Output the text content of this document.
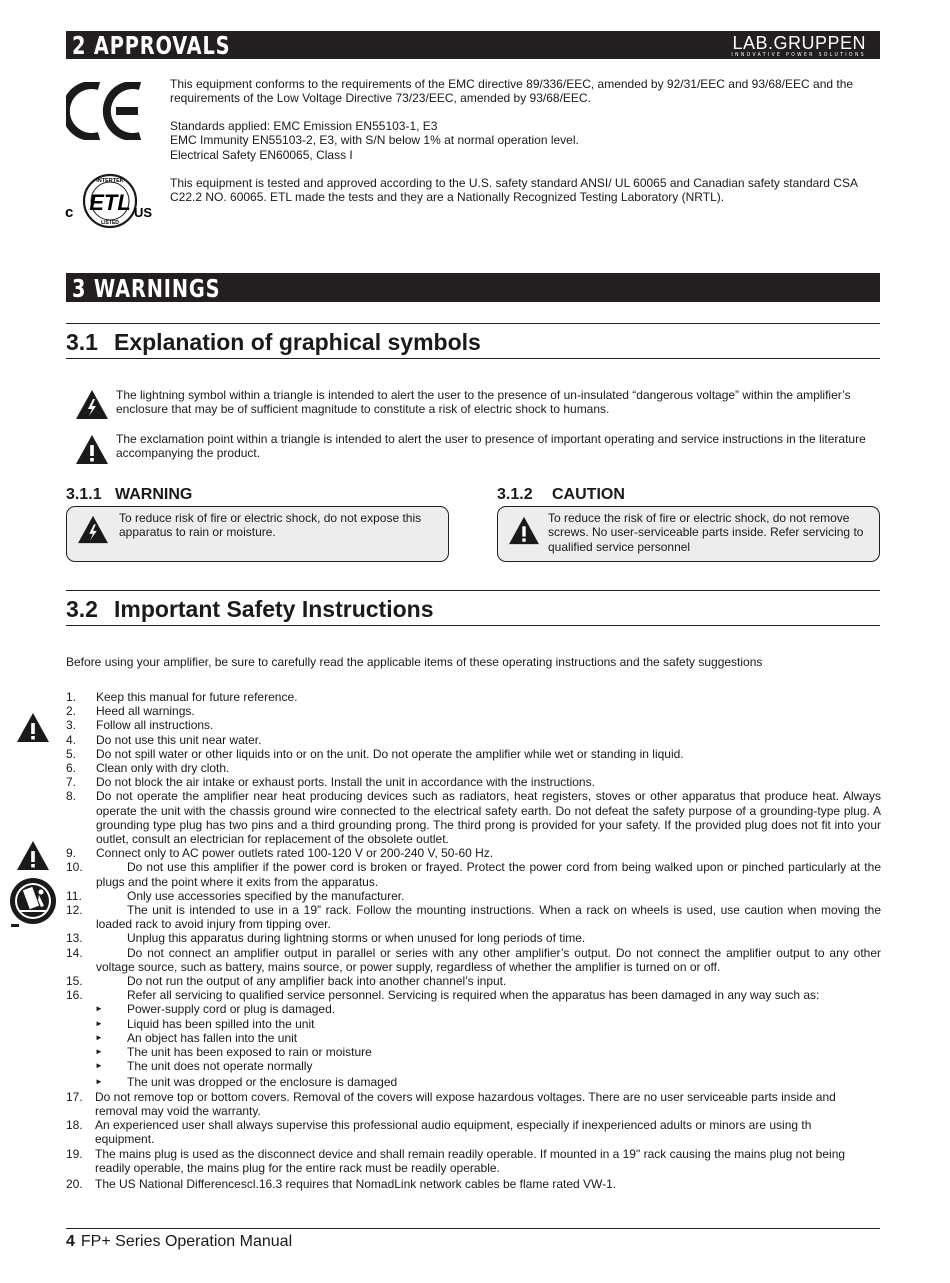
2 APPROVALS	LAB.GRUPPEN
INNOVATIVE POWER SOLUTIONS
This equipment conforms to the requirements of the EMC directive 89/336/EEC, amended by 92/31/EEC and 93/68/EEC and the requirements of the Low Voltage Directive 73/23/EEC, amended by 93/68/EEC.
Standards applied: EMC Emission EN55103-1, E3
EMC Immunity EN55103-2, E3, with S/N below 1% at normal operation level.
Electrical Safety EN60065, Class I
INTERTEK
LISTED
ETL
c	US
This equipment is tested and approved according to the U.S. safety standard ANSI/ UL 60065 and Canadian safety standard CSA C22.2 NO. 60065. ETL made the tests and they are a Nationally Recognized Testing Laboratory (NRTL).
3 WARNINGS
3.1 Explanation of graphical symbols
The lightning symbol within a triangle is intended to alert the user to the presence of un-insulated “dangerous voltage” within the amplifier’s enclosure that may be of sufficient magnitude to constitute a risk of electric shock to humans.
The exclamation point within a triangle is intended to alert the user to presence of important operating and service instructions in the literature accompanying the product.
3.1.1 WARNING
To reduce risk of fire or electric shock, do not expose this apparatus to rain or moisture.
3.1.2 CAUTION
To reduce the risk of fire or electric shock, do not remove screws. No user-serviceable parts inside. Refer servicing to qualified service personnel
3.2 Important Safety Instructions
Before using your amplifier, be sure to carefully read the applicable items of these operating instructions and the safety suggestions
1.	Keep this manual for future reference.
2.	Heed all warnings.
3.	Follow all instructions.
4.	Do not use this unit near water.
5.	Do not spill water or other liquids into or on the unit. Do not operate the amplifier while wet or standing in liquid.
6.	Clean only with dry cloth.
7.	Do not block the air intake or exhaust ports. Install the unit in accordance with the instructions.
8.	Do not operate the amplifier near heat producing devices such as radiators, heat registers, stoves or other apparatus that produce heat. Always operate the unit with the chassis ground wire connected to the electrical safety earth. Do not defeat the safety purpose of a grounding-type plug. A grounding type plug has two pins and a third grounding prong. The third prong is provided for your safety. If the provided plug does not fit into your outlet, consult an electrician for replacement of the obsolete outlet.
9.	Connect only to AC power outlets rated 100-120 V or 200-240 V, 50-60 Hz.
10.	Do not use this amplifier if the power cord is broken or frayed. Protect the power cord from being walked upon or pinched particularly at the plugs and the point where it exits from the apparatus.
11.	Only use accessories specified by the manufacturer.
12.	The unit is intended to use in a 19” rack. Follow the mounting instructions. When a rack on wheels is used, use caution when moving the loaded rack to avoid injury from tipping over.
13.	Unplug this apparatus during lightning storms or when unused for long periods of time.
14.	Do not connect an amplifier output in parallel or series with any other amplifier’s output. Do not connect the amplifier output to any other voltage source, such as battery, mains source, or power supply, regardless of whether the amplifier is turned on or off.
15.	Do not run the output of any amplifier back into another channel’s input.
16.	Refer all servicing to qualified service personnel. Servicing is required when the apparatus has been damaged in any way such as:
► Power-supply cord or plug is damaged.
► Liquid has been spilled into the unit
► An object has fallen into the unit
► The unit has been exposed to rain or moisture
► The unit does not operate normally
► The unit was dropped or the enclosure is damaged
17.	Do not remove top or bottom covers. Removal of the covers will expose hazardous voltages. There are no user serviceable parts inside and removal may void the warranty.
18.	An experienced user shall always supervise this professional audio equipment, especially if inexperienced adults or minors are using th equipment.
19.	The mains plug is used as the disconnect device and shall remain readily operable. If mounted in a 19" rack causing the mains plug not being readily operable, the mains plug for the entire rack must be readily operable.
20.	The US National Differencescl.16.3 requires that NomadLink network cables be flame rated VW-1.
4 FP+ Series Operation Manual
